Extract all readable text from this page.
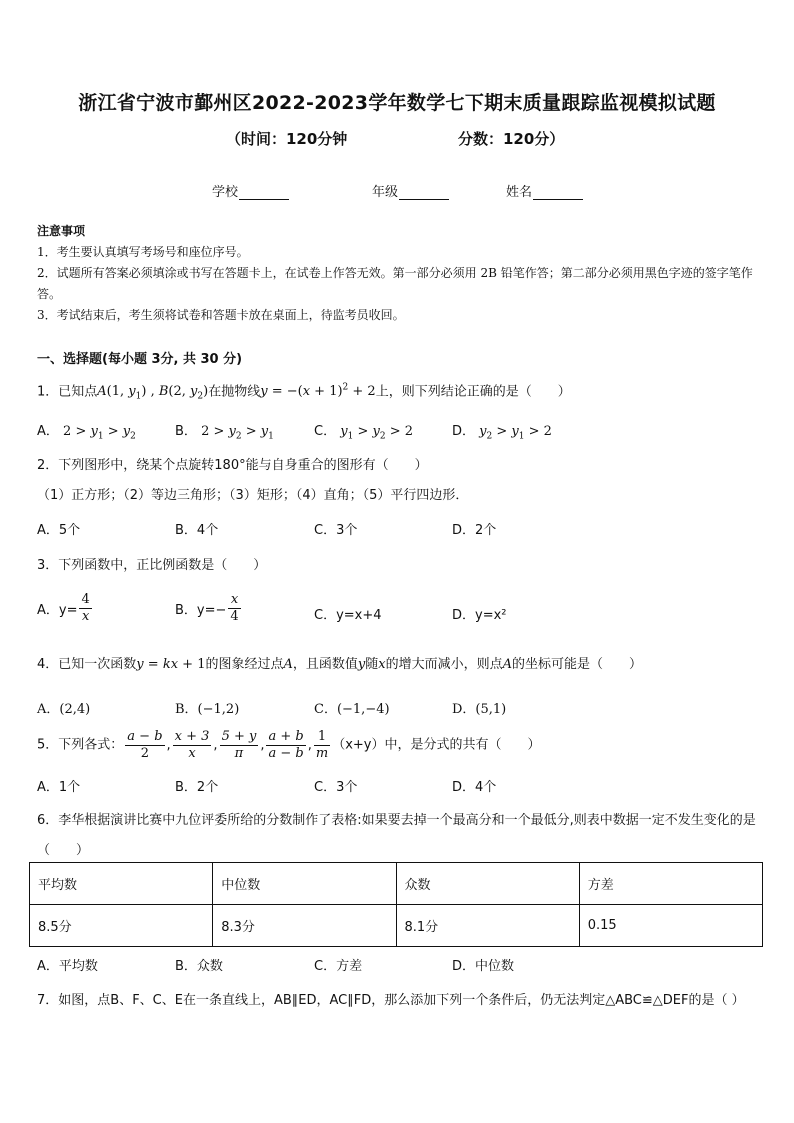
浙江省宁波市鄞州区2022-2023学年数学七下期末质量跟踪监视模拟试题
（时间：120分钟	分数：120分）
学校	年级	姓名
注意事项
1．考生要认真填写考场号和座位序号。
2．试题所有答案必须填涂或书写在答题卡上，在试卷上作答无效。第一部分必须用 2B 铅笔作答；第二部分必须用黑色字迹的签字笔作答。
3．考试结束后，考生须将试卷和答题卡放在桌面上，待监考员收回。
一、选择题(每小题 3分, 共 30 分)
1．已知点A(1, $y_1$) , B(2, $y_2$)在抛物线$y = -(x + 1)^2 + 2$上，则下列结论正确的是（　　）
A． $2 > y_1 > y_2$	B． $2 > y_2 > y_1$	C． $y_1 > y_2 > 2$	D． $y_2 > y_1 > 2$
2．下列图形中，绕某个点旋转180°能与自身重合的图形有（　　）
（1）正方形；（2）等边三角形；（3）矩形；（4）直角；（5）平行四边形．
A．5个	B．4个	C．3个	D．2个
3．下列函数中，正比例函数是（　　）
A．$y= \frac{4}{x}$	B．$y=- \frac{x}{4}$	C．y=x+4	D．y=x²
4．已知一次函数y = kx + 1的图象经过点A，且函数值y随x的增大而减小，则点A的坐标可能是（　　）
A．(2,4)	B．(−1,2)	C．(−1,−4)	D．(5,1)
5．下列各式： $\frac{a - b}{2}$ , $\frac{x + 3}{x}$ , $\frac{5 + y}{\pi}$ , $\frac{a + b}{a - b}$ , $\frac{1}{m} (x+y)$中，是分式的共有（　　）
A．1个	B．2个	C．3个	D．4个
6．李华根据演讲比赛中九位评委所给的分数制作了表格:如果要去掉一个最高分和一个最低分,则表中数据一定不发生变化的是（　　）
平均数	中位数	众数	方差
8.5分	8.3分	8.1分	0.15
A．平均数	B．众数	C．方差	D．中位数
7．如图，点B、F、C、E在一条直线上，AB∥ED，AC∥FD，那么添加下列一个条件后，仍无法判定△ABC≌△DEF的是（ ）
